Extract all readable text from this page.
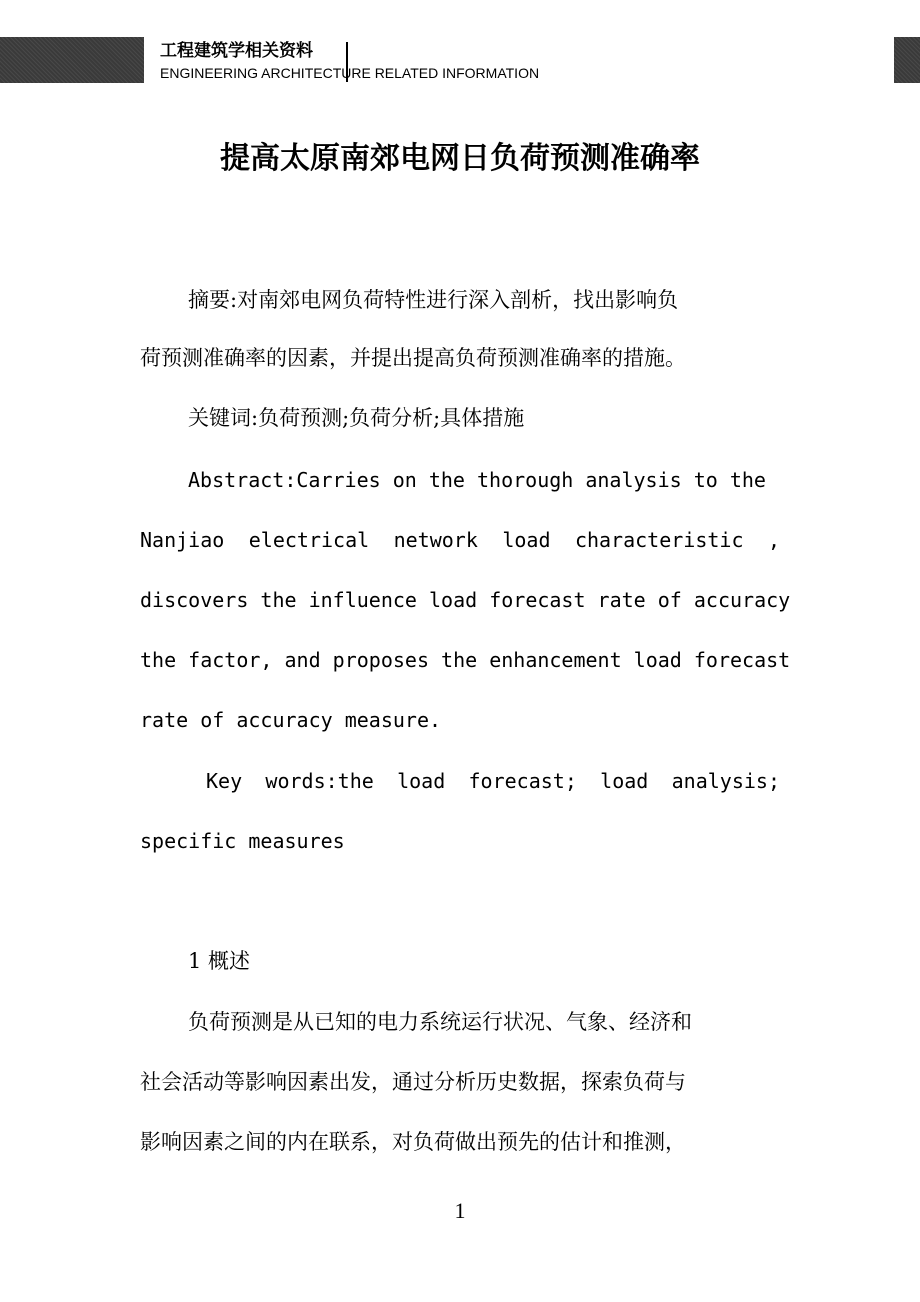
工程建筑学相关资料
ENGINEERING ARCHITECTURE RELATED INFORMATION
提高太原南郊电网日负荷预测准确率
摘要:对南郊电网负荷特性进行深入剖析，找出影响负
荷预测准确率的因素，并提出提高负荷预测准确率的措施。
关键词:负荷预测;负荷分析;具体措施
Abstract:Carries on the thorough analysis to the
Nanjiao electrical network load characteristic ,
discovers the influence load forecast rate of accuracy
the factor, and proposes the enhancement load forecast
rate of accuracy measure.
Key words:the load forecast; load analysis;
specific measures
1 概述
负荷预测是从已知的电力系统运行状况、气象、经济和
社会活动等影响因素出发，通过分析历史数据，探索负荷与
影响因素之间的内在联系，对负荷做出预先的估计和推测，
1
